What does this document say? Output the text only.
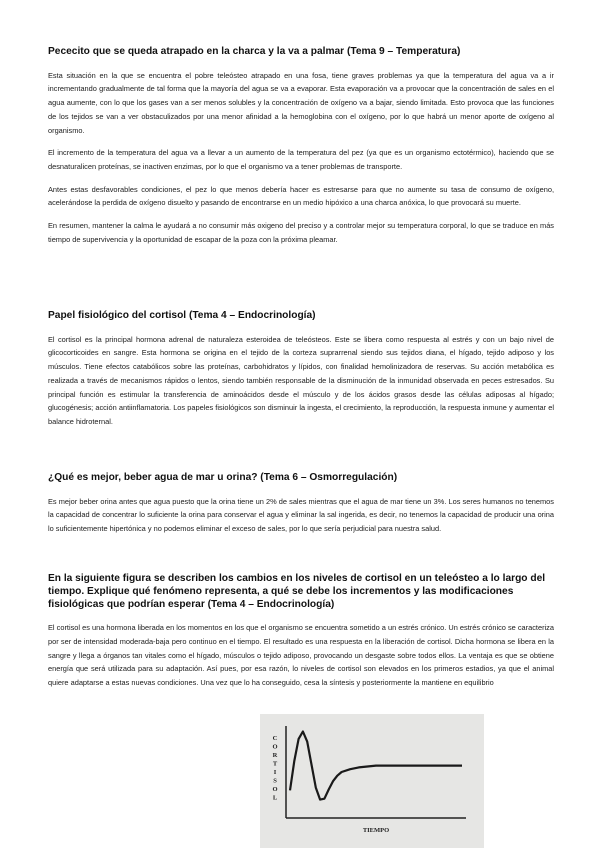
Pececito que se queda atrapado en la charca y la va a palmar (Tema 9 – Temperatura)

Esta situación en la que se encuentra el pobre teleósteo atrapado en una fosa, tiene graves problemas ya que la temperatura del agua va a ir incrementando gradualmente de tal forma que la mayoría del agua se va a evaporar. Esta evaporación va a provocar que la concentración de sales en el agua aumente, con lo que los gases van a ser menos solubles y la concentración de oxígeno va a bajar, siendo limitada. Esto provoca que las funciones de los tejidos se van a ver obstaculizados por una menor afinidad a la hemoglobina con el oxígeno, por lo que habrá un menor aporte de oxígeno al organismo.

El incremento de la temperatura del agua va a llevar a un aumento de la temperatura del pez (ya que es un organismo ectotérmico), haciendo que se desnaturalicen proteínas, se inactiven enzimas, por lo que el organismo va a tener problemas de transporte.

Antes estas desfavorables condiciones, el pez lo que menos debería hacer es estresarse para que no aumente su tasa de consumo de oxígeno, acelerándose la perdida de oxígeno disuelto y pasando de encontrarse en un medio hipóxico a una charca anóxica, lo que provocará su muerte.

En resumen, mantener la calma le ayudará a no consumir más oxigeno del preciso y a controlar mejor su temperatura corporal, lo que se traduce en más tiempo de supervivencia y la oportunidad de escapar de la poza con la próxima pleamar.

Papel fisiológico del cortisol (Tema 4 – Endocrinología)

El cortisol es la principal hormona adrenal de naturaleza esteroidea de teleósteos. Este se libera como respuesta al estrés y con un bajo nivel de glicocorticoides en sangre. Esta hormona se origina en el tejido de la corteza suprarrenal siendo sus tejidos diana, el hígado, tejido adiposo y los músculos. Tiene efectos catabólicos sobre las proteínas, carbohidratos y lípidos, con finalidad hemolinizadora de reservas. Su acción metabólica es realizada a través de mecanismos rápidos o lentos, siendo también responsable de la disminución de la inmunidad observada en peces estresados. Su principal función es estimular la transferencia de aminoácidos desde el músculo y de los ácidos grasos desde las células adiposas al hígado; glucogénesis; acción antiinflamatoria. Los papeles fisiológicos son disminuir la ingesta, el crecimiento, la reproducción, la respuesta inmune y aumentar el balance hidroternal.

¿Qué es mejor, beber agua de mar u orina? (Tema 6 – Osmorregulación)

Es mejor beber orina antes que agua puesto que la orina tiene un 2% de sales mientras que el agua de mar tiene un 3%. Los seres humanos no tenemos la capacidad de concentrar lo suficiente la orina para conservar el agua y eliminar la sal ingerida, es decir, no tenemos la capacidad de producir una orina lo suficientemente hipertónica y no podemos eliminar el exceso de sales, por lo que sería perjudicial para nuestra salud.

En la siguiente figura se describen los cambios en los niveles de cortisol en un teleósteo a lo largo del tiempo. Explique qué fenómeno representa, a qué se debe los incrementos y las modificaciones fisiológicas que podrían esperar (Tema 4 – Endocrinología)

El cortisol es una hormona liberada en los momentos en los que el organismo se encuentra sometido a un estrés crónico. Un estrés crónico se caracteriza por ser de intensidad moderada-baja pero continuo en el tiempo. El resultado es una respuesta en la liberación de cortisol. Dicha hormona se libera en la sangre y llega a órganos tan vitales como el hígado, músculos o tejido adiposo, provocando un desgaste sobre todos ellos. La ventaja es que se obtiene energía que será utilizada para su adaptación. Así pues, por esa razón, lo niveles de cortisol son elevados en los primeros estadios, ya que el animal quiere adaptarse a estas nuevas condiciones. Una vez que lo ha conseguido, cesa la síntesis y posteriormente la mantiene en equilibrio

C O R T I S O L
TIEMPO
